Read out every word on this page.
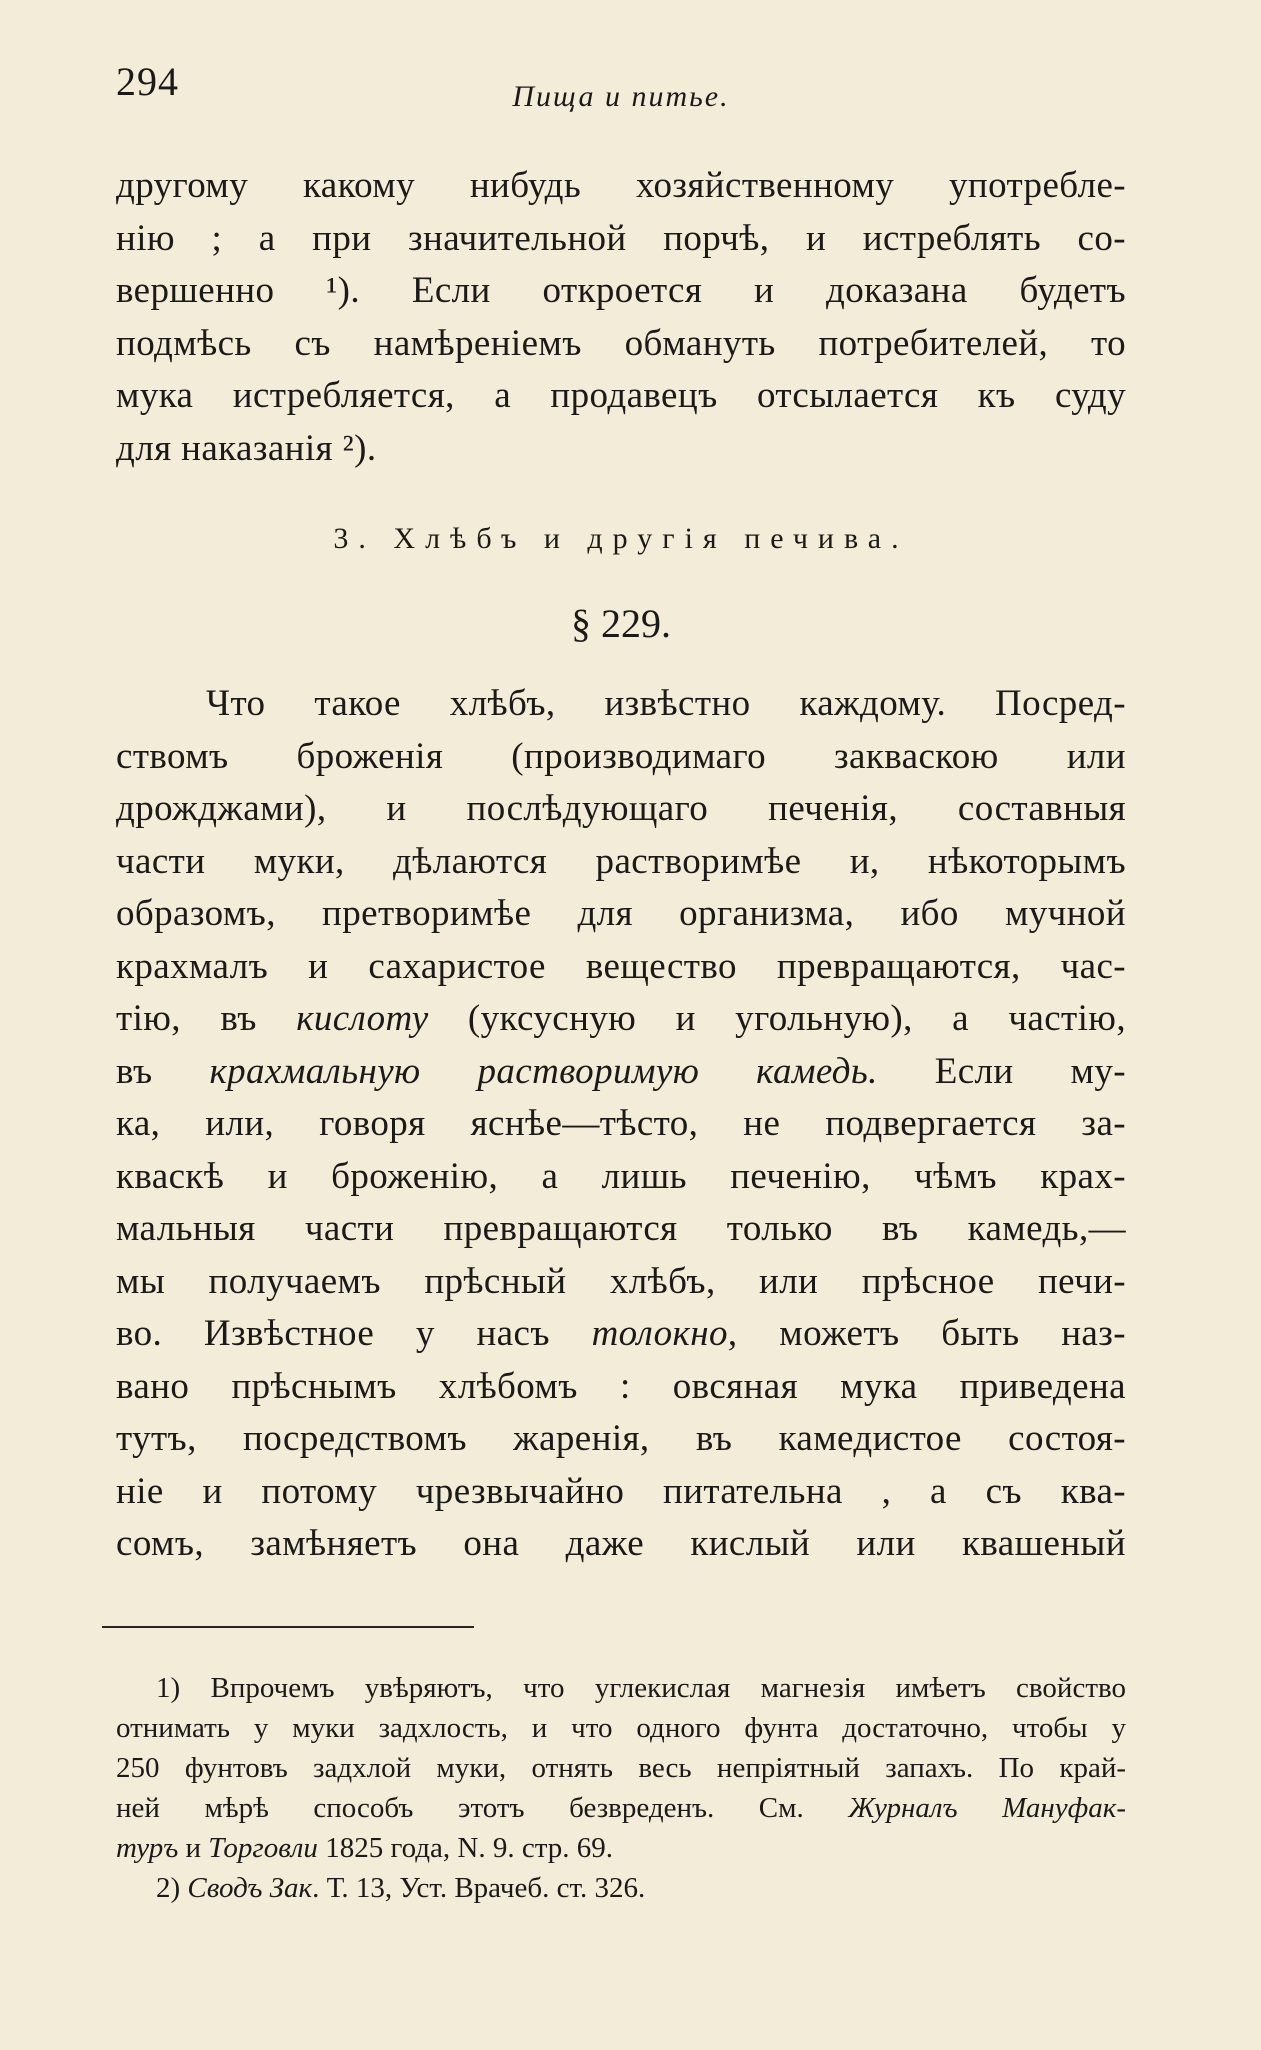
294	Пища и питье.

другому какому нибудь хозяйственному употребле-
нію ; а при значительной порчѣ, и истреблять со-
вершенно ¹). Если откроется и доказана будетъ
подмѣсь съ намѣреніемъ обмануть потребителей, то
мука истребляется, а продавецъ отсылается къ суду
для наказанія ²).

3. Хлѣбъ и другія печива.
§ 229.

Что такое хлѣбъ, извѣстно каждому. Посред-
ствомъ броженія (производимаго закваскою или
дрожджами), и послѣдующаго печенія, составныя
части муки, дѣлаются растворимѣе и, нѣкоторымъ
образомъ, претворимѣе для организма, ибо мучной
крахмалъ и сахаристое вещество превращаются, час-
тію, въ кислоту (уксусную и угольную), а частію,
въ крахмальную растворимую камедь. Если му-
ка, или, говоря яснѣе—тѣсто, не подвергается за-
кваскѣ и броженію, а лишь печенію, чѣмъ крах-
мальныя части превращаются только въ камедь,—
мы получаемъ прѣсный хлѣбъ, или прѣсное печи-
во. Извѣстное у насъ толокно, можетъ быть наз-
вано прѣснымъ хлѣбомъ : овсяная мука приведена
тутъ, посредствомъ жаренія, въ камедистое состоя-
ніе и потому чрезвычайно питательна , а съ ква-
сомъ, замѣняетъ она даже кислый или квашеный

1) Впрочемъ увѣряютъ, что углекислая магнезія имѣетъ свойство
отнимать у муки задхлость, и что одного фунта достаточно, чтобы у
250 фунтовъ задхлой муки, отнять весь непріятный запахъ. По край-
ней мѣрѣ способъ этотъ безвреденъ. См. Журналъ Мануфак-
туръ и Торговли 1825 года, N. 9. стр. 69.
2) Сводъ Зак. Т. 13, Уст. Врачеб. ст. 326.
